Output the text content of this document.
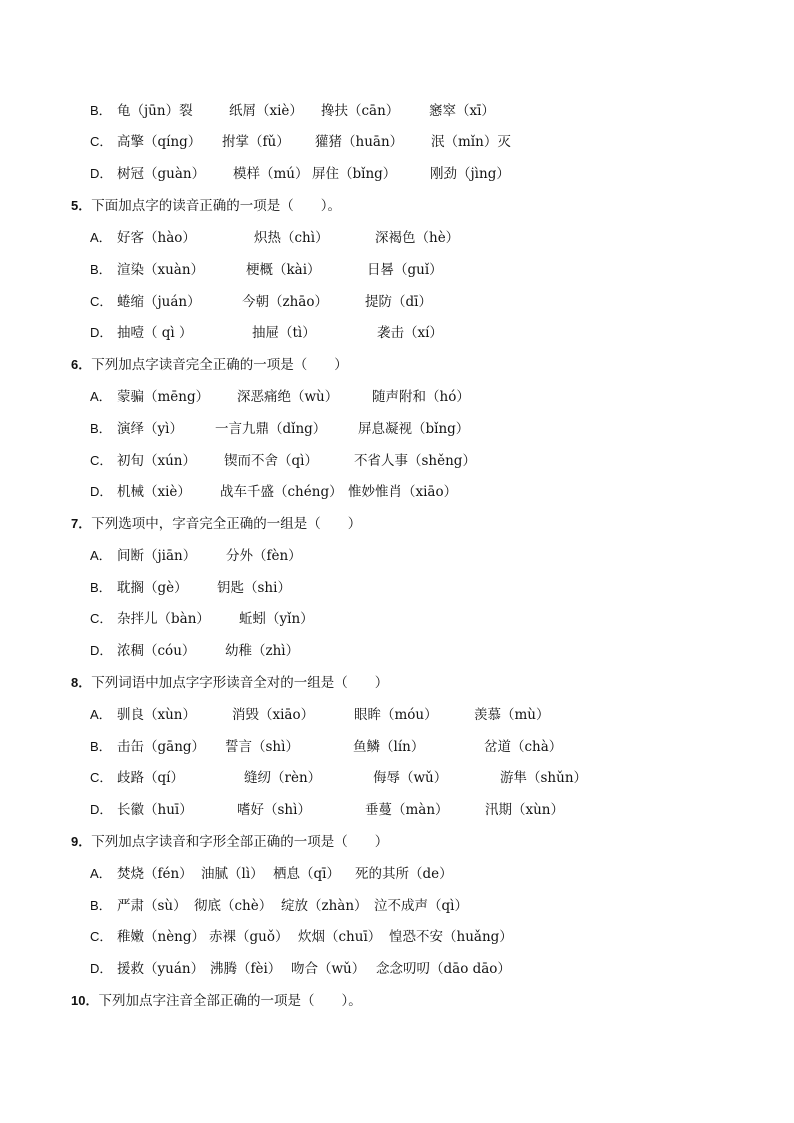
B． 龟（jūn）裂	纸屑（xiè） 搀扶（cān） 窸窣（xī）
C． 高擎（qíng） 拊掌（fǔ） 獾猪（huān） 泯（mǐn）灭
D． 树冠（guàn） 模样（mú） 屏住（bǐng） 刚劲（jìng）
5．下面加点字的读音正确的一项是（　　）。
A． 好客（hào）	炽热（chì）	深褐色（hè）
B． 渲染（xuàn）	梗概（kài）	日晷（guǐ）
C． 蜷缩（juán）	今朝（zhāo）	提防（dī）
D． 抽噎（ qì ）	抽屉（tì）	袭击（xí）
6．下列加点字读音完全正确的一项是（　　）
A． 蒙骗（mēng） 深恶痛绝（wù）	随声附和（hó）
B． 演绎（yì） 一言九鼎（dǐng） 屏息凝视（bǐng）
C． 初旬（xún） 锲而不舍（qì）	不省人事（shěng）
D． 机械（xiè） 战车千盛（chéng） 惟妙惟肖（xiāo）
7．下列选项中，字音完全正确的一组是（　　）
A． 间断（jiān） 分外（fèn）
B． 耽搁（gè） 钥匙（shi）
C． 杂拌儿（bàn） 蚯蚓（yǐn）
D． 浓稠（cóu） 幼稚（zhì）
8．下列词语中加点字字形读音全对的一组是（　　）
A． 驯良（xùn）	消毁（xiāo）	眼眸（móu）	羡慕（mù）
B． 击缶（gāng） 誓言（shì）	鱼鳞（lín）	岔道（chà）
C． 歧路（qí）	缝纫（rèn）	侮辱（wǔ）	游隼（shǔn）
D． 长徽（huī）	嗜好（shì）	垂蔓（màn）	汛期（xùn）
9．下列加点字读音和字形全部正确的一项是（　　）
A． 焚烧（fén） 油腻（lì） 栖息（qī） 死的其所（de）
B． 严肃（sù） 彻底（chè） 绽放（zhàn） 泣不成声（qì）
C． 稚嫩（nèng） 赤裸（guǒ） 炊烟（chuī） 惶恐不安（huǎng）
D． 援救（yuán） 沸腾（fèi） 吻合（wǔ） 念念叨叨（dāo dāo）
10．下列加点字注音全部正确的一项是（　　）。
